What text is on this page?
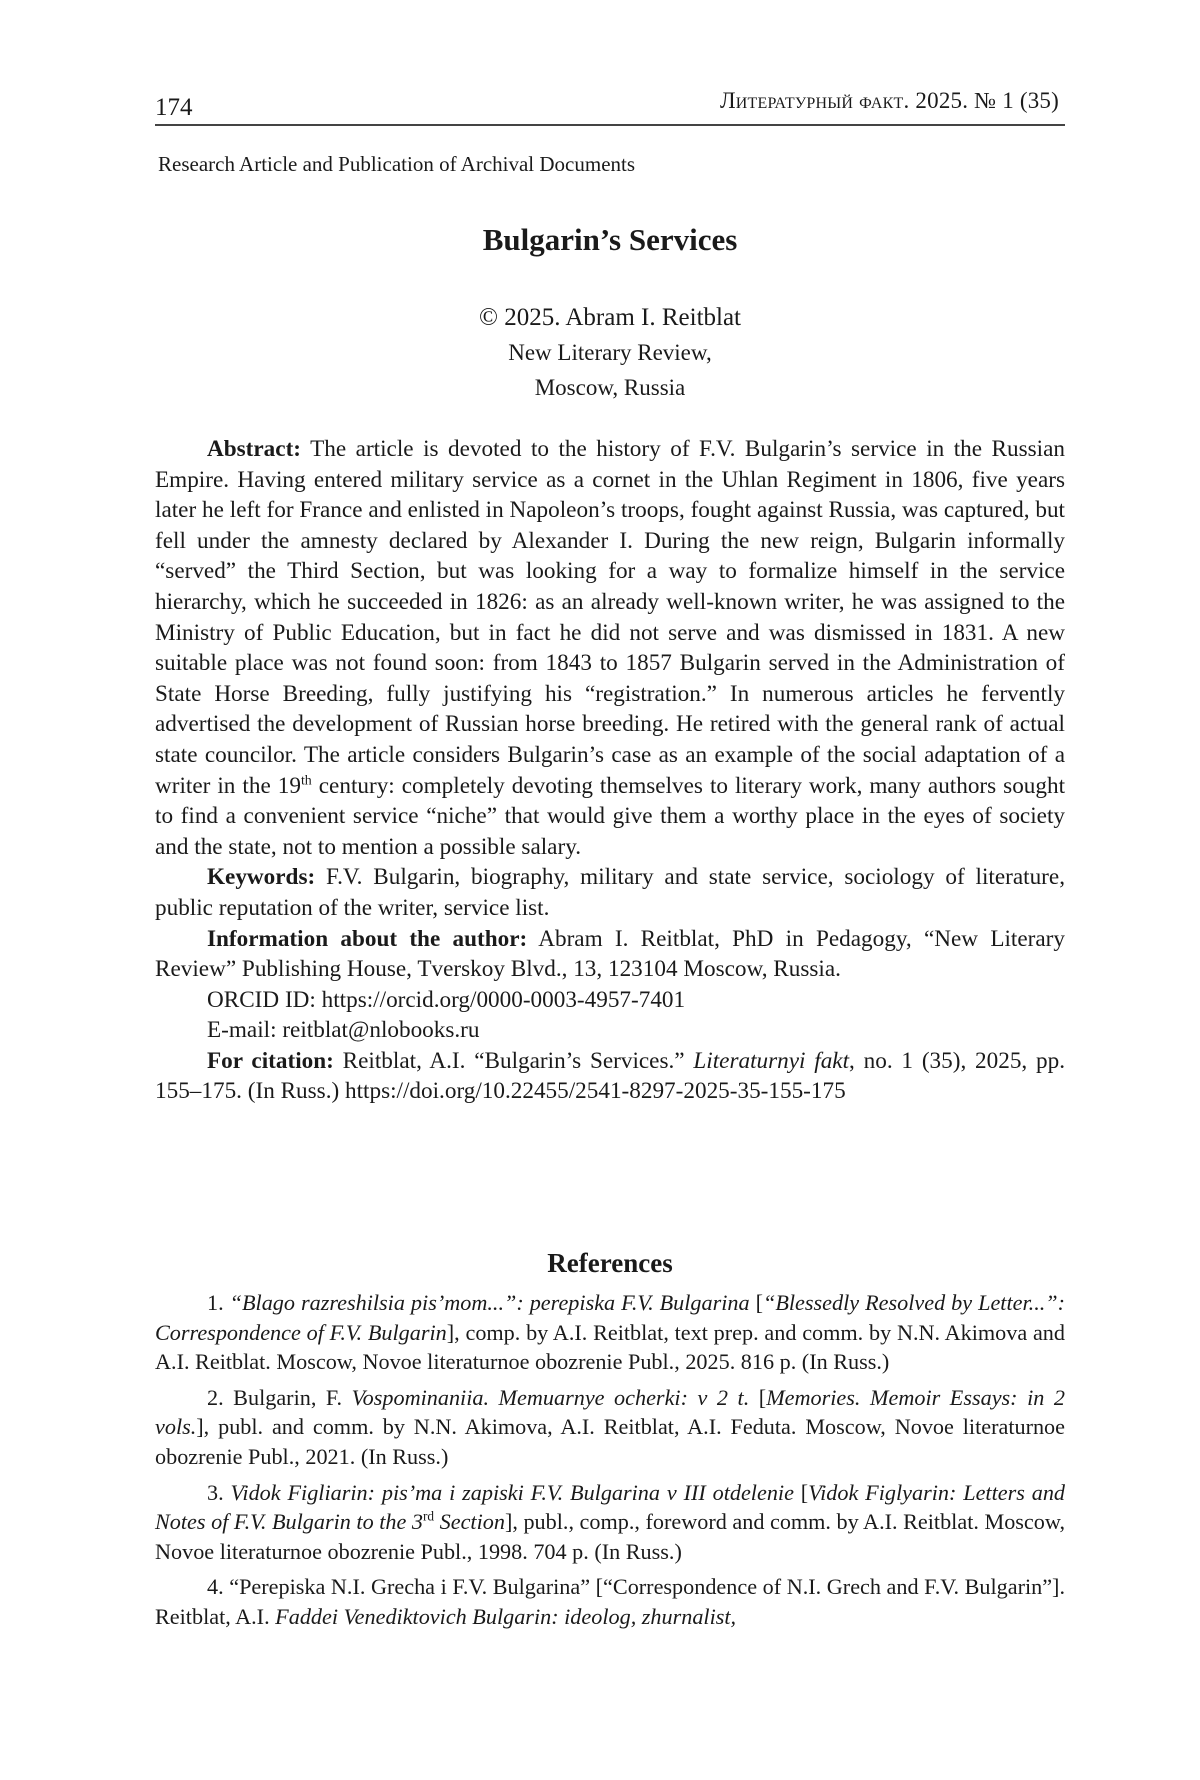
174	Литературный факт. 2025. № 1 (35)
Research Article and Publication of Archival Documents
Bulgarin’s Services
© 2025. Abram I. Reitblat
New Literary Review,
Moscow, Russia

Abstract: The article is devoted to the history of F.V. Bulgarin’s service in the Russian Empire. Having entered military service as a cornet in the Uhlan Regiment in 1806, five years later he left for France and enlisted in Napoleon’s troops, fought against Russia, was captured, but fell under the amnesty declared by Alexander I. During the new reign, Bulgarin informally “served” the Third Section, but was looking for a way to formalize himself in the service hierarchy, which he succeeded in 1826: as an already well-known writer, he was assigned to the Ministry of Public Education, but in fact he did not serve and was dismissed in 1831. A new suitable place was not found soon: from 1843 to 1857 Bulgarin served in the Administration of State Horse Breeding, fully justifying his “registration.” In numerous articles he fervently advertised the development of Russian horse breeding. He retired with the general rank of actual state councilor. The article considers Bulgarin’s case as an example of the social adaptation of a writer in the 19th century: completely devoting themselves to literary work, many authors sought to find a convenient service “niche” that would give them a worthy place in the eyes of society and the state, not to mention a possible salary.

Keywords: F.V. Bulgarin, biography, military and state service, sociology of literature, public reputation of the writer, service list.

Information about the author: Abram I. Reitblat, PhD in Pedagogy, “New Literary Review” Publishing House, Tverskoy Blvd., 13, 123104 Moscow, Russia.

ORCID ID: https://orcid.org/0000-0003-4957-7401

E-mail: reitblat@nlobooks.ru

For citation: Reitblat, A.I. “Bulgarin’s Services.” Literaturnyi fakt, no. 1 (35), 2025, pp. 155–175. (In Russ.) https://doi.org/10.22455/2541-8297-2025-35-155-175

References

1. “Blago razreshilsia pis’mom...”: perepiska F.V. Bulgarina [“Blessedly Resolved by Letter...”: Correspondence of F.V. Bulgarin], comp. by A.I. Reitblat, text prep. and comm. by N.N. Akimova and A.I. Reitblat. Moscow, Novoe literaturnoe obozrenie Publ., 2025. 816 p. (In Russ.)

2. Bulgarin, F. Vospominaniia. Memuarnye ocherki: v 2 t. [Memories. Memoir Essays: in 2 vols.], publ. and comm. by N.N. Akimova, A.I. Reitblat, A.I. Feduta. Moscow, Novoe literaturnoe obozrenie Publ., 2021. (In Russ.)

3. Vidok Figliarin: pis’ma i zapiski F.V. Bulgarina v III otdelenie [Vidok Figlyarin: Letters and Notes of F.V. Bulgarin to the 3rd Section], publ., comp., foreword and comm. by A.I. Reitblat. Moscow, Novoe literaturnoe obozrenie Publ., 1998. 704 p. (In Russ.)

4. “Perepiska N.I. Grecha i F.V. Bulgarina” [“Correspondence of N.I. Grech and F.V. Bulgarin”]. Reitblat, A.I. Faddei Venediktovich Bulgarin: ideolog, zhurnalist,
